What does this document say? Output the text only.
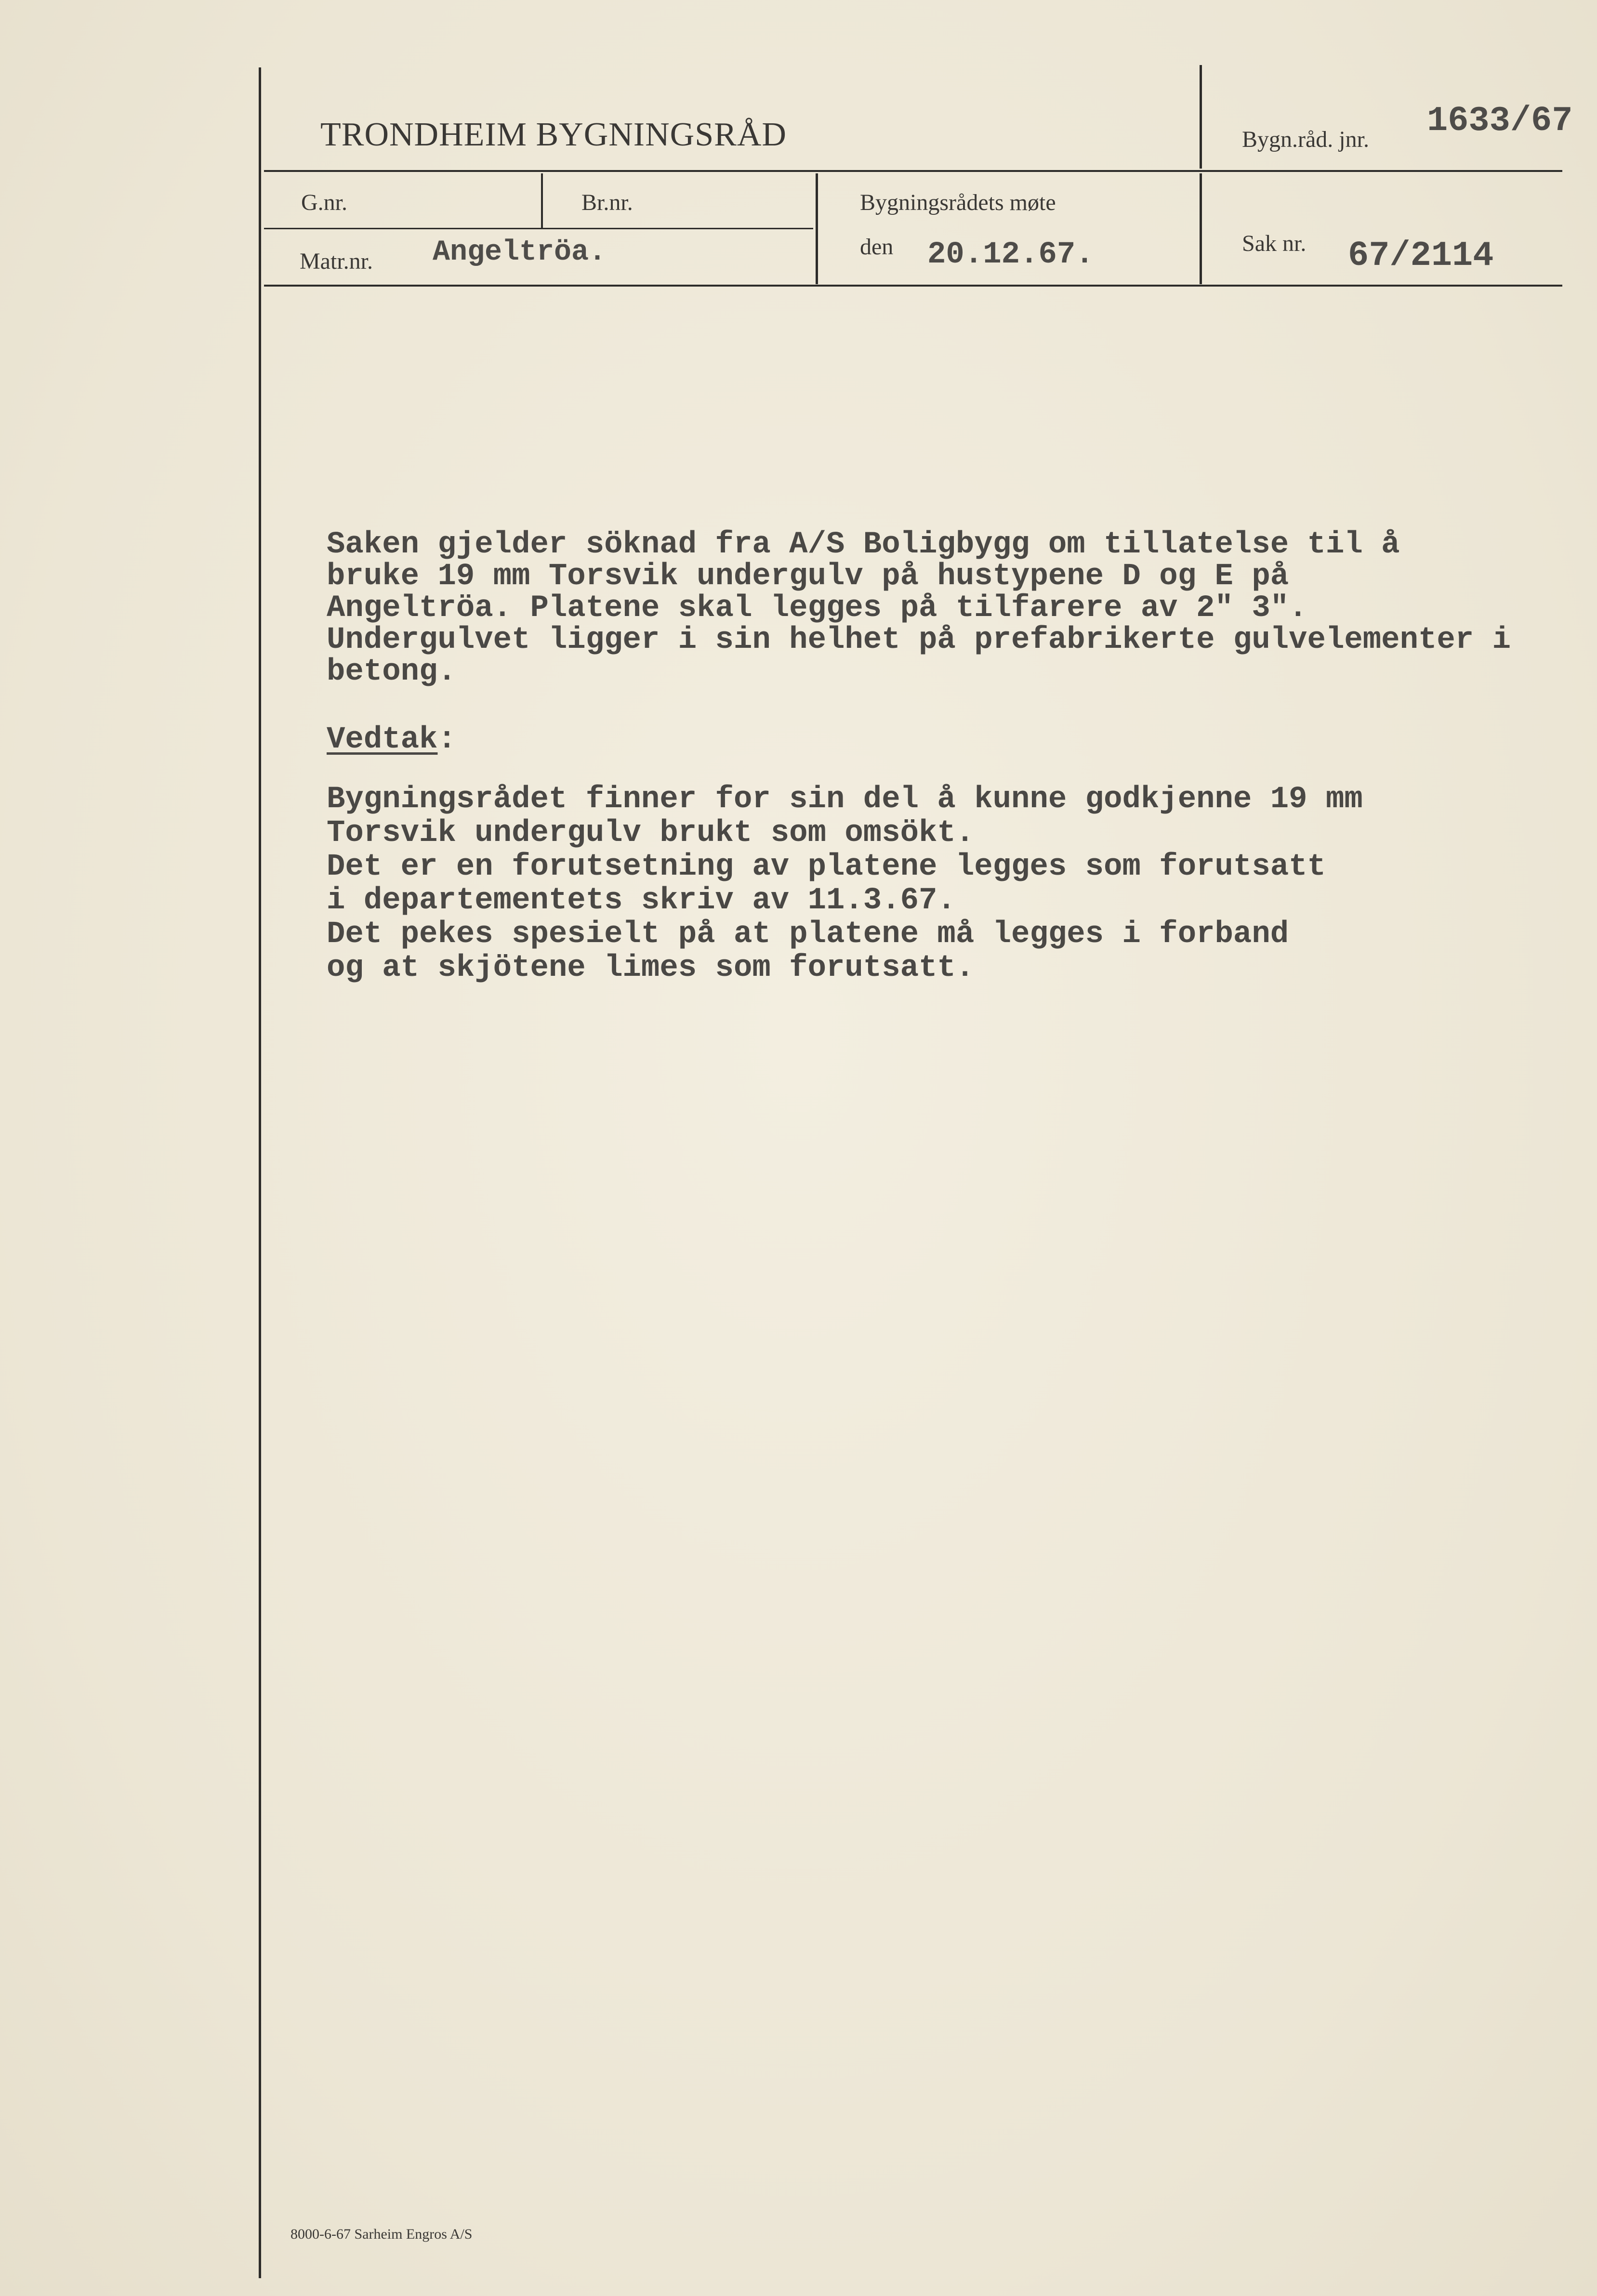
TRONDHEIM BYGNINGSRÅD	Bygn.råd. jnr. 1633/67
G.nr.	Br.nr.	Bygningsrådets møte
Matr.nr. Angeltröa.	den 20.12.67.	Sak nr. 67/2114
Saken gjelder söknad fra A/S Boligbygg om tillatelse til å
bruke 19 mm Torsvik undergulv på hustypene D og E på
Angeltröa. Platene skal legges på tilfarere av 2" 3".
Undergulvet ligger i sin helhet på prefabrikerte gulvelementer i
betong.
Vedtak:
Bygningsrådet finner for sin del å kunne godkjenne 19 mm
Torsvik undergulv brukt som omsökt.
Det er en forutsetning av platene legges som forutsatt
i departementets skriv av 11.3.67.
Det pekes spesielt på at platene må legges i forband
og at skjötene limes som forutsatt.
8000-6-67 Sarheim Engros A/S
